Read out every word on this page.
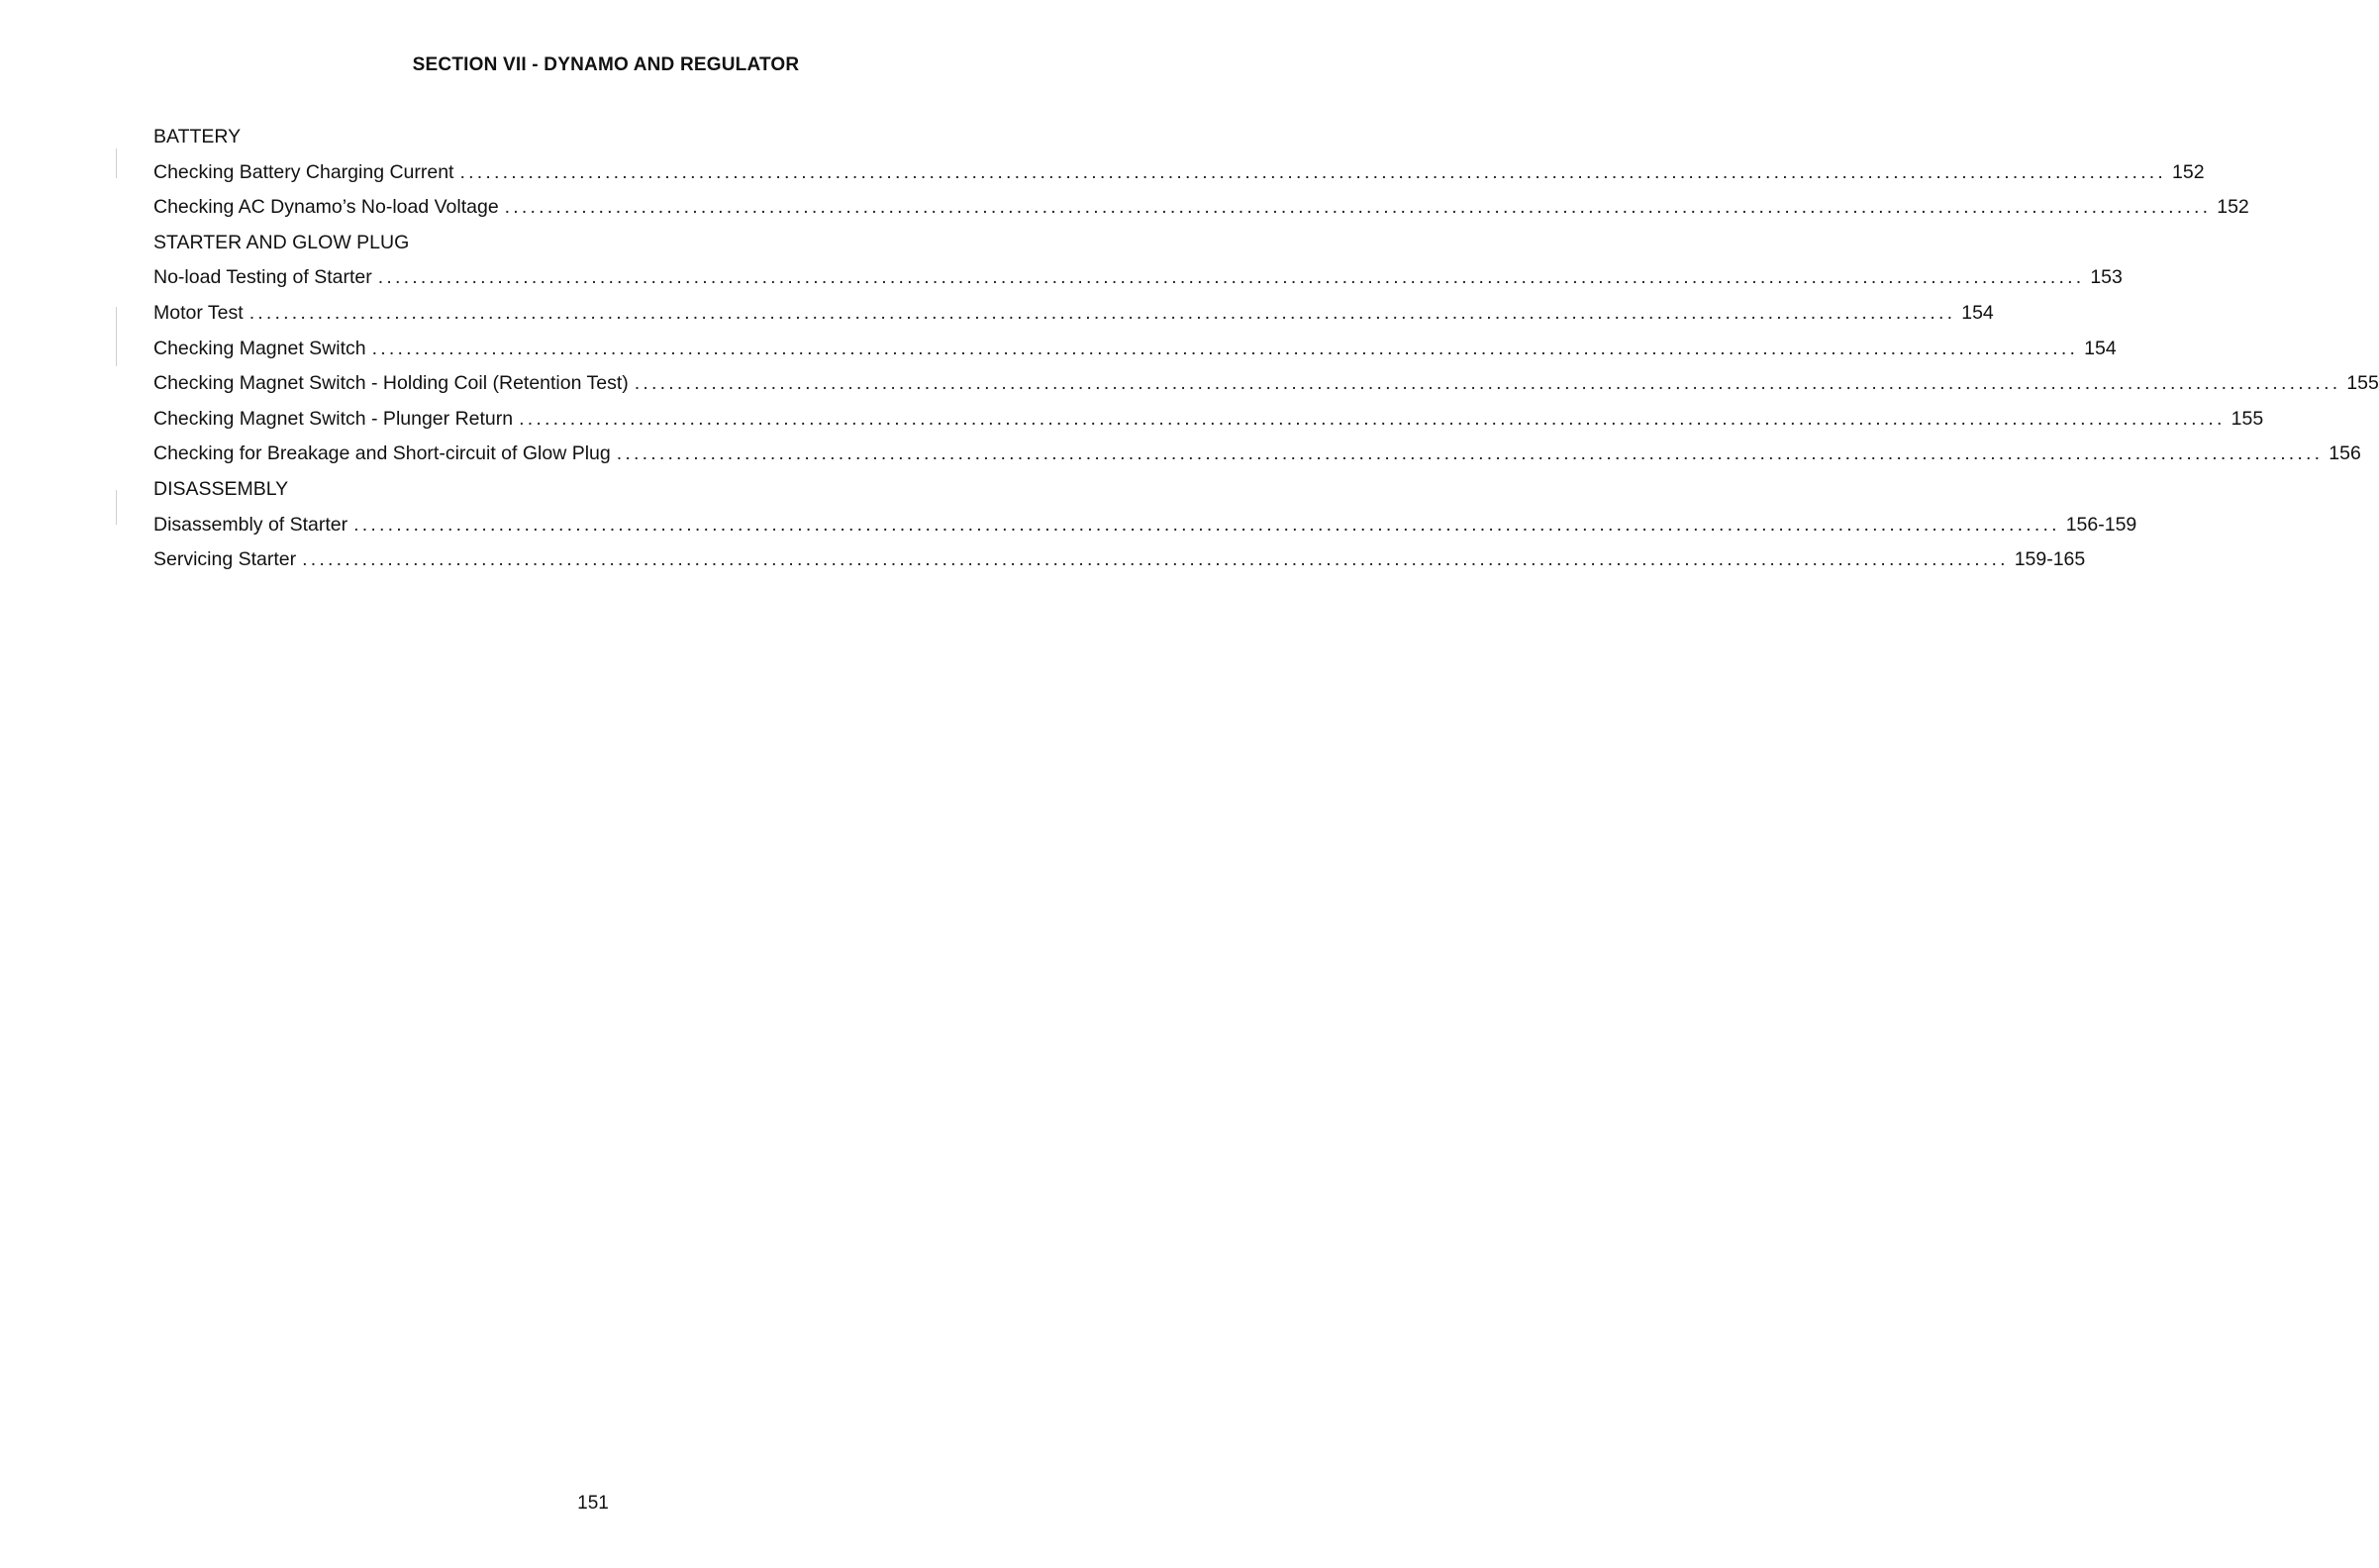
SECTION VII - DYNAMO AND REGULATOR
BATTERY
Checking Battery Charging Current ........................................................................................................................................................................................................ 152
Checking AC Dynamo’s No-load Voltage ........................................................................................................................................................................................................ 152
STARTER AND GLOW PLUG
No-load Testing of Starter ........................................................................................................................................................................................................ 153
Motor Test ........................................................................................................................................................................................................ 154
Checking Magnet Switch ........................................................................................................................................................................................................ 154
Checking Magnet Switch - Holding Coil (Retention Test) ........................................................................................................................................................................................................ 155
Checking Magnet Switch - Plunger Return ........................................................................................................................................................................................................ 155
Checking for Breakage and Short-circuit of Glow Plug ........................................................................................................................................................................................................ 156
DISASSEMBLY
Disassembly of Starter ........................................................................................................................................................................................................ 156-159
Servicing Starter ........................................................................................................................................................................................................ 159-165
151
